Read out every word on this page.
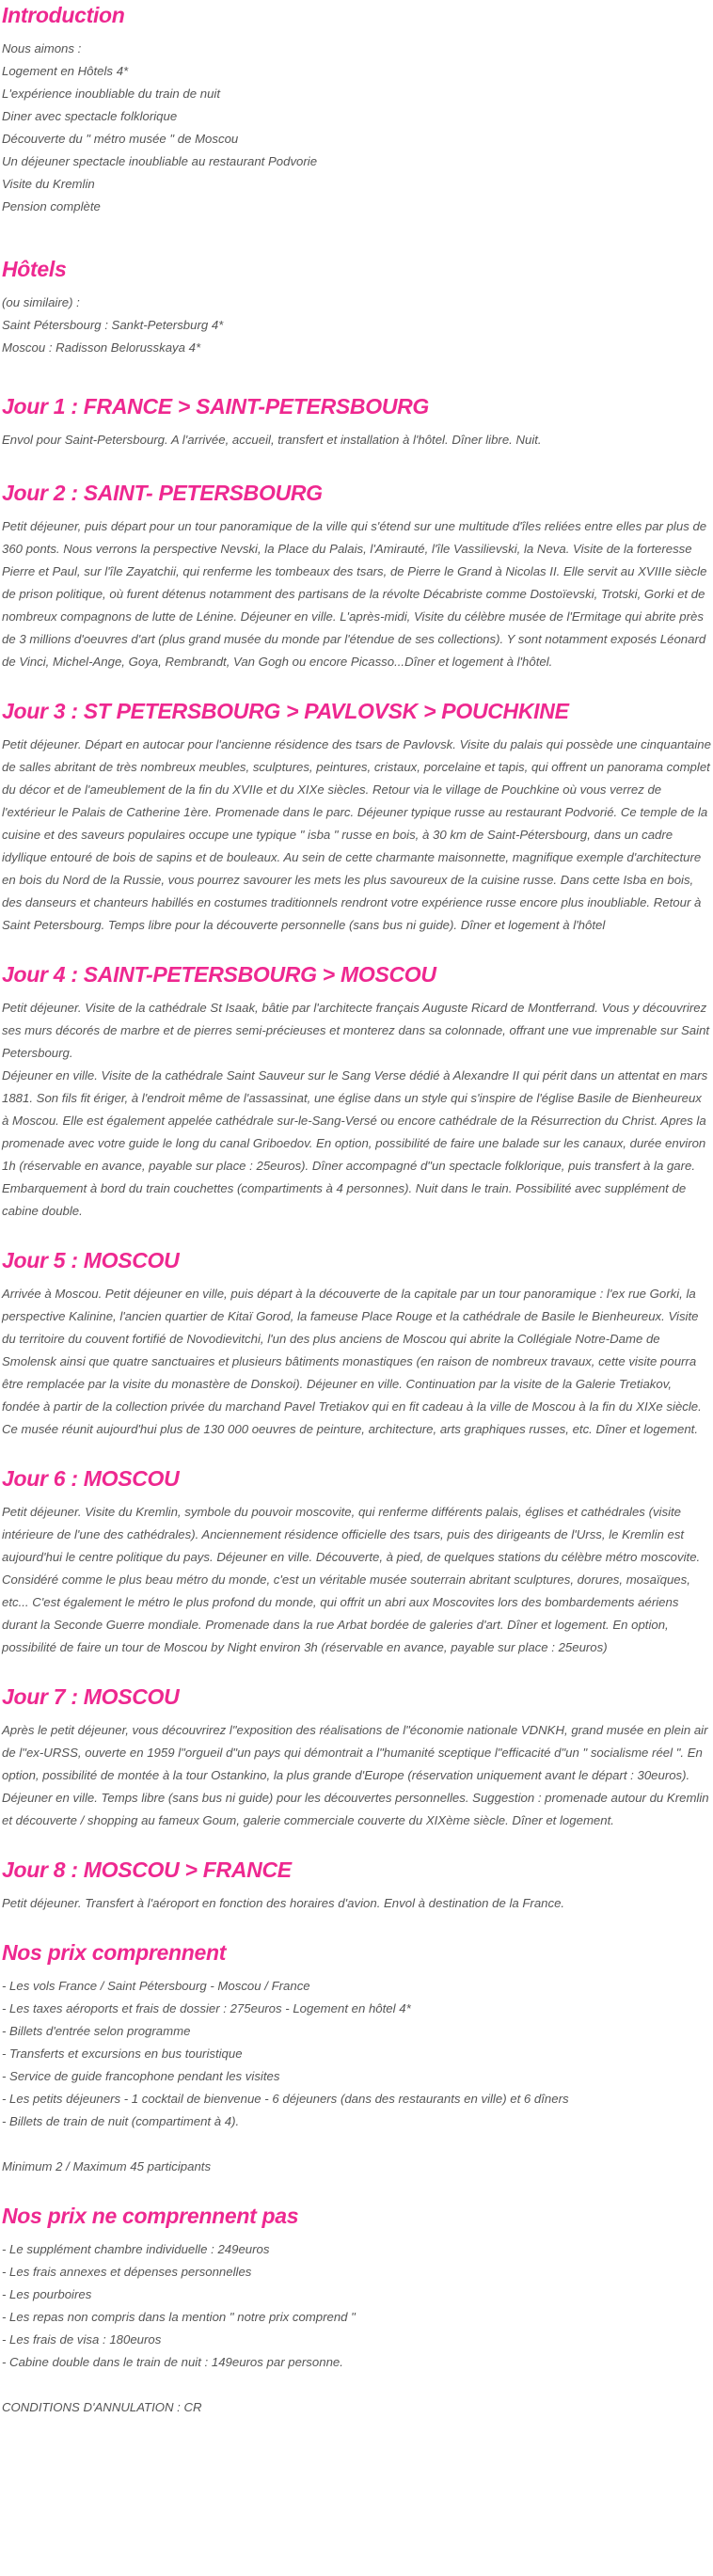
Introduction
Nous aimons :
Logement en Hôtels 4*
L'expérience inoubliable du train de nuit
Diner avec spectacle folklorique
Découverte du " métro musée " de Moscou
Un déjeuner spectacle inoubliable au restaurant Podvorie
Visite du Kremlin
Pension complète
Hôtels
(ou similaire) :
Saint Pétersbourg : Sankt-Petersburg 4*
Moscou : Radisson Belorusskaya 4*
Jour 1 : FRANCE > SAINT-PETERSBOURG

Envol pour Saint-Petersbourg. A l'arrivée, accueil, transfert et installation à l'hôtel. Dîner libre. Nuit.

Jour 2 : SAINT- PETERSBOURG

Petit déjeuner, puis départ pour un tour panoramique de la ville qui s'étend sur une multitude d'îles reliées entre elles par plus de 360 ponts. Nous verrons la perspective Nevski, la Place du Palais, l'Amirauté, l'île Vassilievski, la Neva. Visite de la forteresse Pierre et Paul, sur l'île Zayatchii, qui renferme les tombeaux des tsars, de Pierre le Grand à Nicolas II. Elle servit au XVIIIe siècle de prison politique, où furent détenus notamment des partisans de la révolte Décabriste comme Dostoïevski, Trotski, Gorki et de nombreux compagnons de lutte de Lénine. Déjeuner en ville. L'après-midi, Visite du célèbre musée de l'Ermitage qui abrite près de 3 millions d'oeuvres d'art (plus grand musée du monde par l'étendue de ses collections). Y sont notamment exposés Léonard de Vinci, Michel-Ange, Goya, Rembrandt, Van Gogh ou encore Picasso...Dîner et logement à l'hôtel.

Jour 3 : ST PETERSBOURG > PAVLOVSK > POUCHKINE

Petit déjeuner. Départ en autocar pour l'ancienne résidence des tsars de Pavlovsk. Visite du palais qui possède une cinquantaine de salles abritant de très nombreux meubles, sculptures, peintures, cristaux, porcelaine et tapis, qui offrent un panorama complet du décor et de l'ameublement de la fin du XVIIe et du XIXe siècles. Retour via le village de Pouchkine où vous verrez de l'extérieur le Palais de Catherine 1ère. Promenade dans le parc. Déjeuner typique russe au restaurant Podvorié. Ce temple de la cuisine et des saveurs populaires occupe une typique " isba " russe en bois, à 30 km de Saint-Pétersbourg, dans un cadre idyllique entouré de bois de sapins et de bouleaux. Au sein de cette charmante maisonnette, magnifique exemple d'architecture en bois du Nord de la Russie, vous pourrez savourer les mets les plus savoureux de la cuisine russe. Dans cette Isba en bois, des danseurs et chanteurs habillés en costumes traditionnels rendront votre expérience russe encore plus inoubliable. Retour à Saint Petersbourg. Temps libre pour la découverte personnelle (sans bus ni guide). Dîner et logement à l'hôtel

Jour 4 : SAINT-PETERSBOURG > MOSCOU

Petit déjeuner. Visite de la cathédrale St Isaak, bâtie par l'architecte français Auguste Ricard de Montferrand. Vous y découvrirez ses murs décorés de marbre et de pierres semi-précieuses et monterez dans sa colonnade, offrant une vue imprenable sur Saint Petersbourg.

Déjeuner en ville. Visite de la cathédrale Saint Sauveur sur le Sang Verse dédié à Alexandre II qui périt dans un attentat en mars 1881. Son fils fit ériger, à l'endroit même de l'assassinat, une église dans un style qui s'inspire de l'église Basile de Bienheureux à Moscou. Elle est également appelée cathédrale sur-le-Sang-Versé ou encore cathédrale de la Résurrection du Christ. Apres la promenade avec votre guide le long du canal Griboedov. En option, possibilité de faire une balade sur les canaux, durée environ 1h (réservable en avance, payable sur place : 25euros). Dîner accompagné d"un spectacle folklorique, puis transfert à la gare. Embarquement à bord du train couchettes (compartiments à 4 personnes). Nuit dans le train. Possibilité avec supplément de cabine double.

Jour 5 : MOSCOU

Arrivée à Moscou. Petit déjeuner en ville, puis départ à la découverte de la capitale par un tour panoramique : l'ex rue Gorki, la perspective Kalinine, l'ancien quartier de Kitaï Gorod, la fameuse Place Rouge et la cathédrale de Basile le Bienheureux. Visite du territoire du couvent fortifié de Novodievitchi, l'un des plus anciens de Moscou qui abrite la Collégiale Notre-Dame de Smolensk ainsi que quatre sanctuaires et plusieurs bâtiments monastiques (en raison de nombreux travaux, cette visite pourra être remplacée par la visite du monastère de Donskoi). Déjeuner en ville. Continuation par la visite de la Galerie Tretiakov, fondée à partir de la collection privée du marchand Pavel Tretiakov qui en fit cadeau à la ville de Moscou à la fin du XIXe siècle. Ce musée réunit aujourd'hui plus de 130 000 oeuvres de peinture, architecture, arts graphiques russes, etc. Dîner et logement.

Jour 6 : MOSCOU

Petit déjeuner. Visite du Kremlin, symbole du pouvoir moscovite, qui renferme différents palais, églises et cathédrales (visite intérieure de l'une des cathédrales). Anciennement résidence officielle des tsars, puis des dirigeants de l'Urss, le Kremlin est aujourd'hui le centre politique du pays. Déjeuner en ville. Découverte, à pied, de quelques stations du célèbre métro moscovite. Considéré comme le plus beau métro du monde, c'est un véritable musée souterrain abritant sculptures, dorures, mosaïques, etc... C'est également le métro le plus profond du monde, qui offrit un abri aux Moscovites lors des bombardements aériens durant la Seconde Guerre mondiale. Promenade dans la rue Arbat bordée de galeries d'art. Dîner et logement. En option, possibilité de faire un tour de Moscou by Night environ 3h (réservable en avance, payable sur place : 25euros)

Jour 7 : MOSCOU

Après le petit déjeuner, vous découvrirez l"exposition des réalisations de l"économie nationale VDNKH, grand musée en plein air de l"ex-URSS, ouverte en 1959 l"orgueil d"un pays qui démontrait a l"humanité sceptique l"efficacité d"un " socialisme réel ". En option, possibilité de montée à la tour Ostankino, la plus grande d'Europe (réservation uniquement avant le départ : 30euros). Déjeuner en ville. Temps libre (sans bus ni guide) pour les découvertes personnelles. Suggestion : promenade autour du Kremlin et découverte / shopping au fameux Goum, galerie commerciale couverte du XIXème siècle. Dîner et logement.

Jour 8 : MOSCOU > FRANCE

Petit déjeuner. Transfert à l'aéroport en fonction des horaires d'avion. Envol à destination de la France.

Nos prix comprennent
- Les vols France / Saint Pétersbourg - Moscou / France
- Les taxes aéroports et frais de dossier : 275euros - Logement en hôtel 4*
- Billets d'entrée selon programme
- Transferts et excursions en bus touristique
- Service de guide francophone pendant les visites
- Les petits déjeuners - 1 cocktail de bienvenue - 6 déjeuners (dans des restaurants en ville) et 6 dîners
- Billets de train de nuit (compartiment à 4).
Minimum 2 / Maximum 45 participants
Nos prix ne comprennent pas
- Le supplément chambre individuelle : 249euros
- Les frais annexes et dépenses personnelles
- Les pourboires
- Les repas non compris dans la mention " notre prix comprend "
- Les frais de visa : 180euros
- Cabine double dans le train de nuit : 149euros par personne.
CONDITIONS D'ANNULATION : CR
